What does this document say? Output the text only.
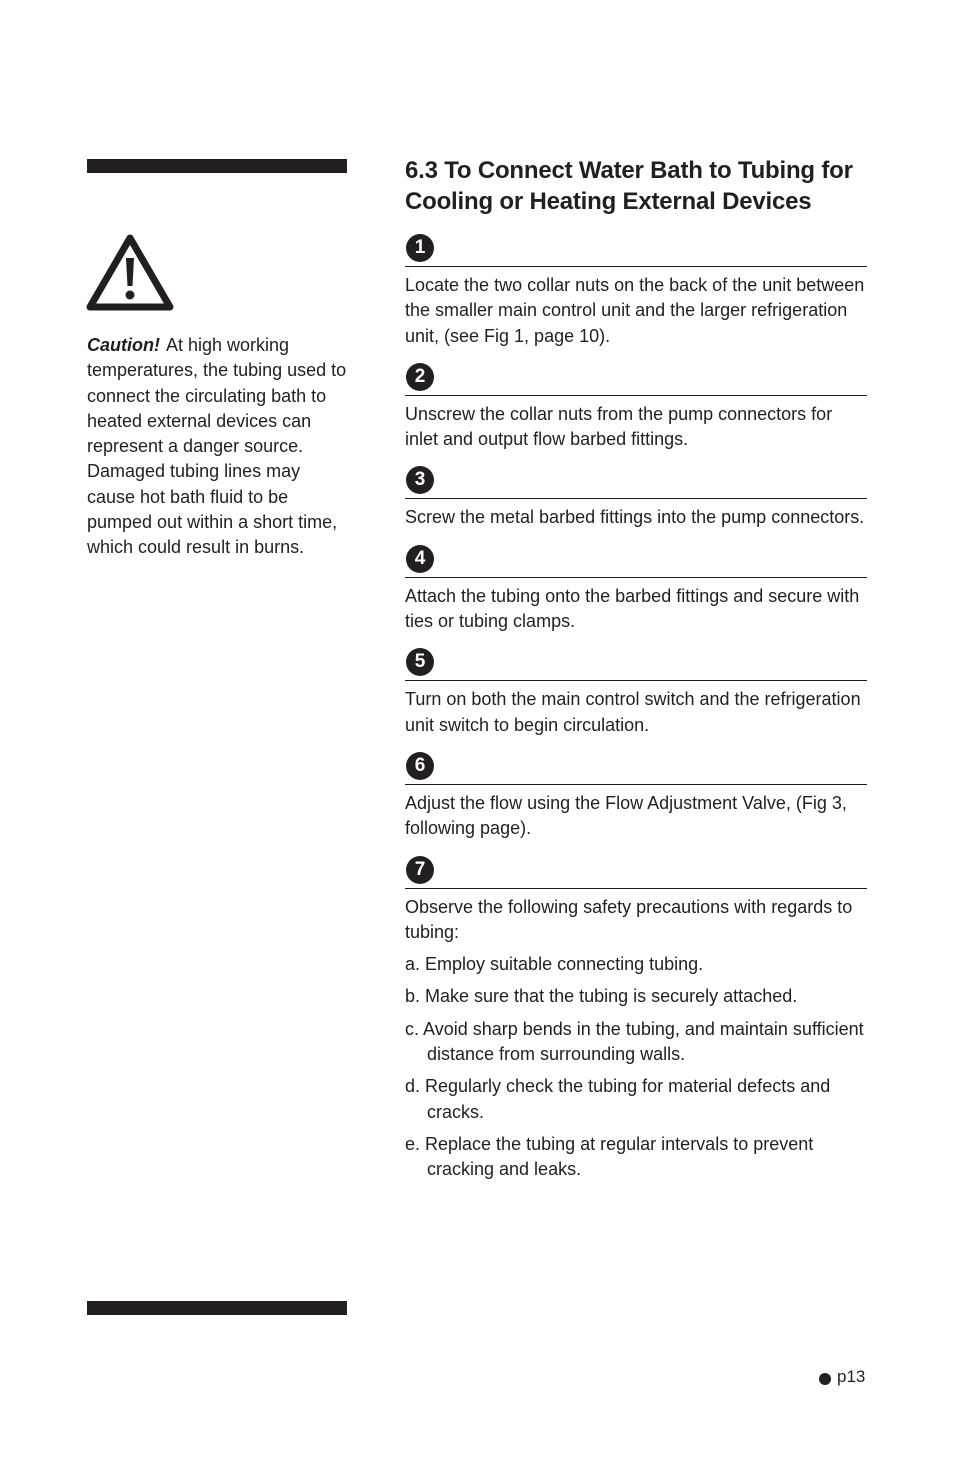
Caution! At high working temperatures, the tubing used to connect the circulating bath to heated external devices can represent a danger source. Damaged tubing lines may cause hot bath fluid to be pumped out within a short time, which could result in burns.

6.3 To Connect Water Bath to Tubing for Cooling or Heating External Devices
1

Locate the two collar nuts on the back of the unit between the smaller main control unit and the larger refrigeration unit, (see Fig 1, page 10).

2

Unscrew the collar nuts from the pump connectors for inlet and output flow barbed fittings.

3

Screw the metal barbed fittings into the pump connectors.

4

Attach the tubing onto the barbed fittings and secure with ties or tubing clamps.

5

Turn on both the main control switch and the refrigeration unit switch to begin circulation.

6

Adjust the flow using the Flow Adjustment Valve, (Fig 3, following page).

7

Observe the following safety precautions with regards to tubing:

a. Employ suitable connecting tubing.
b. Make sure that the tubing is securely attached.
c. Avoid sharp bends in the tubing, and maintain sufficient distance from surrounding walls.
d. Regularly check the tubing for material defects and cracks.
e. Replace the tubing at regular intervals to prevent cracking and leaks.
p13
